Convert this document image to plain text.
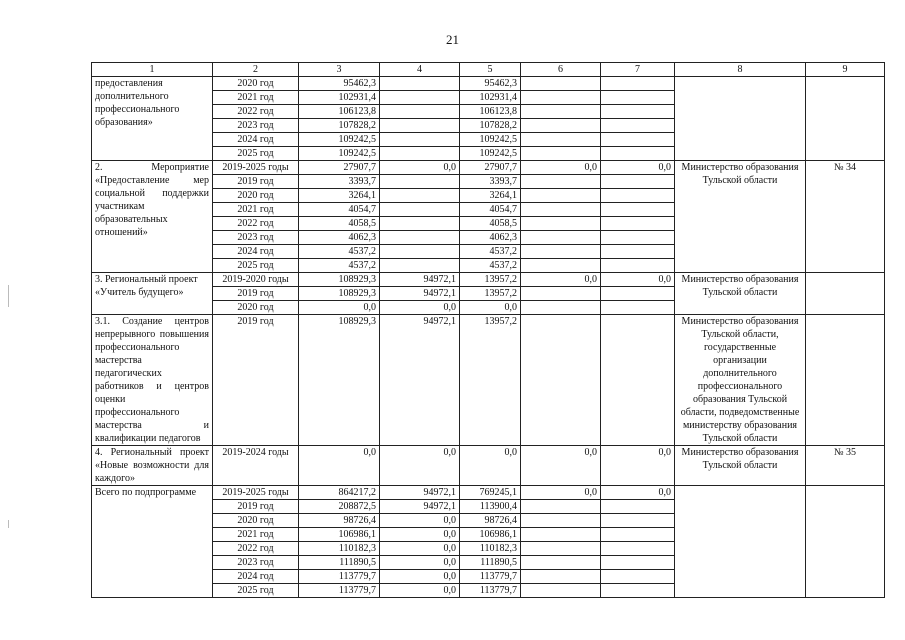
21
1	2	3	4	5	6	7	8	9
предоставления дополнительного профессионального образования»	2020 год	95462,3		95462,3				
	2021 год	102931,4		102931,4				
	2022 год	106123,8		106123,8				
	2023 год	107828,2		107828,2				
	2024 год	109242,5		109242,5				
	2025 год	109242,5		109242,5				
2. Мероприятие «Предоставление мер социальной поддержки участникам образовательных отношений»	2019-2025 годы	27907,7	0,0	27907,7	0,0	0,0	Министерство образования Тульской области	№ 34
	2019 год	3393,7		3393,7				
	2020 год	3264,1		3264,1				
	2021 год	4054,7		4054,7				
	2022 год	4058,5		4058,5				
	2023 год	4062,3		4062,3				
	2024 год	4537,2		4537,2				
	2025 год	4537,2		4537,2				
3. Региональный проект «Учитель будущего»	2019-2020 годы	108929,3	94972,1	13957,2	0,0	0,0	Министерство образования Тульской области	
	2019 год	108929,3	94972,1	13957,2				
	2020 год	0,0	0,0	0,0				
3.1. Создание центров непрерывного повышения профессионального мастерства педагогических работников и центров оценки профессионального мастерства и квалификации педагогов	2019 год	108929,3	94972,1	13957,2			Министерство образования Тульской области, государственные организации дополнительного профессионального образования Тульской области, подведомственные министерству образования Тульской области	
4. Региональный проект «Новые возможности для каждого»	2019-2024 годы	0,0	0,0	0,0	0,0	0,0	Министерство образования Тульской области	№ 35
Всего по подпрограмме	2019-2025 годы	864217,2	94972,1	769245,1	0,0	0,0		
	2019 год	208872,5	94972,1	113900,4				
	2020 год	98726,4	0,0	98726,4				
	2021 год	106986,1	0,0	106986,1				
	2022 год	110182,3	0,0	110182,3				
	2023 год	111890,5	0,0	111890,5				
	2024 год	113779,7	0,0	113779,7				
	2025 год	113779,7	0,0	113779,7				
